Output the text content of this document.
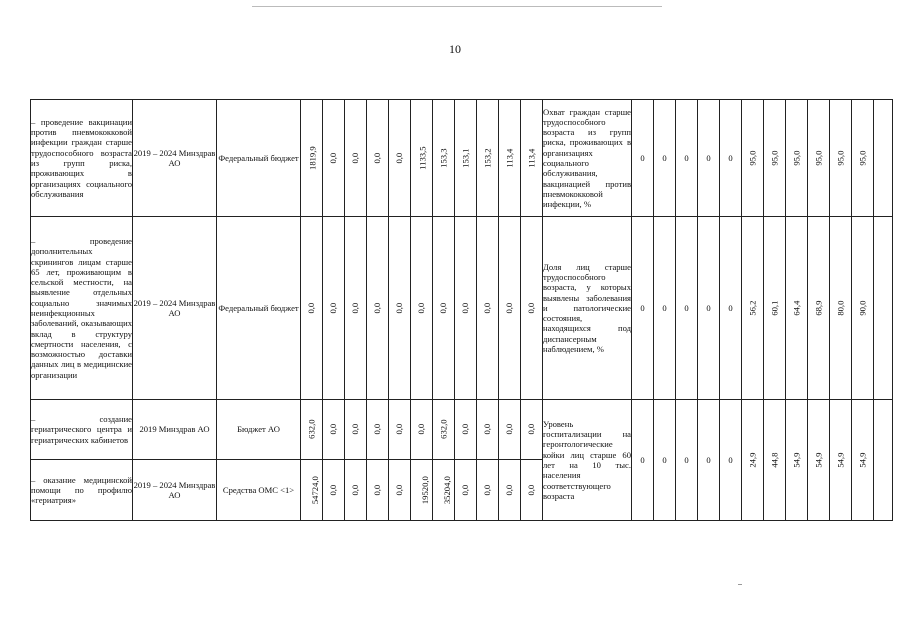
10
– проведение вакцинации против пневмококковой инфекции граждан старше трудоспособного возраста из групп риска, проживающих в организациях социального обслуживания	2019 – 2024 Минздрав АО	Федеральный бюджет	1819,9	0,0	0,0	0,0	0,0	1133,5	153,3	153,1	153,2	113,4	113,4	Охват граждан старше трудоспособного возраста из групп риска, проживающих в организациях социального обслуживания, вакцинацией против пневмококковой инфекции, %	0	0	0	0	0	95,0	95,0	95,0	95,0	95,0	95,0	
– проведение дополнительных скринингов лицам старше 65 лет, проживающим в сельской местности, на выявление отдельных социально значимых неинфекционных заболеваний, оказывающих вклад в структуру смертности населения, с возможностью доставки данных лиц в медицинские организации	2019 – 2024 Минздрав АО	Федеральный бюджет	0,0	0,0	0,0	0,0	0,0	0,0	0,0	0,0	0,0	0,0	0,0	Доля лиц старше трудоспособного возраста, у которых выявлены заболевания и патологические состояния, находящихся под диспансерным наблюдением, %	0	0	0	0	0	56,2	60,1	64,4	68,9	80,0	90,0	
– создание гериатрического центра и гериатрических кабинетов	2019 Минздрав АО	Бюджет АО	632,0	0,0	0,0	0,0	0,0	0,0	632,0	0,0	0,0	0,0	0,0	Уровень госпитализации на геронтологические койки лиц старше 60 лет на 10 тыс. населения соответствующего возраста	0	0	0	0	0	24,9	44,8	54,9	54,9	54,9	54,9	
– оказание медицинской помощи по профилю «гериатрия»	2019 – 2024 Минздрав АО	Средства ОМС <1>	54724,0	0,0	0,0	0,0	0,0	19520,0	35204,0	0,0	0,0	0,0	0,0													
